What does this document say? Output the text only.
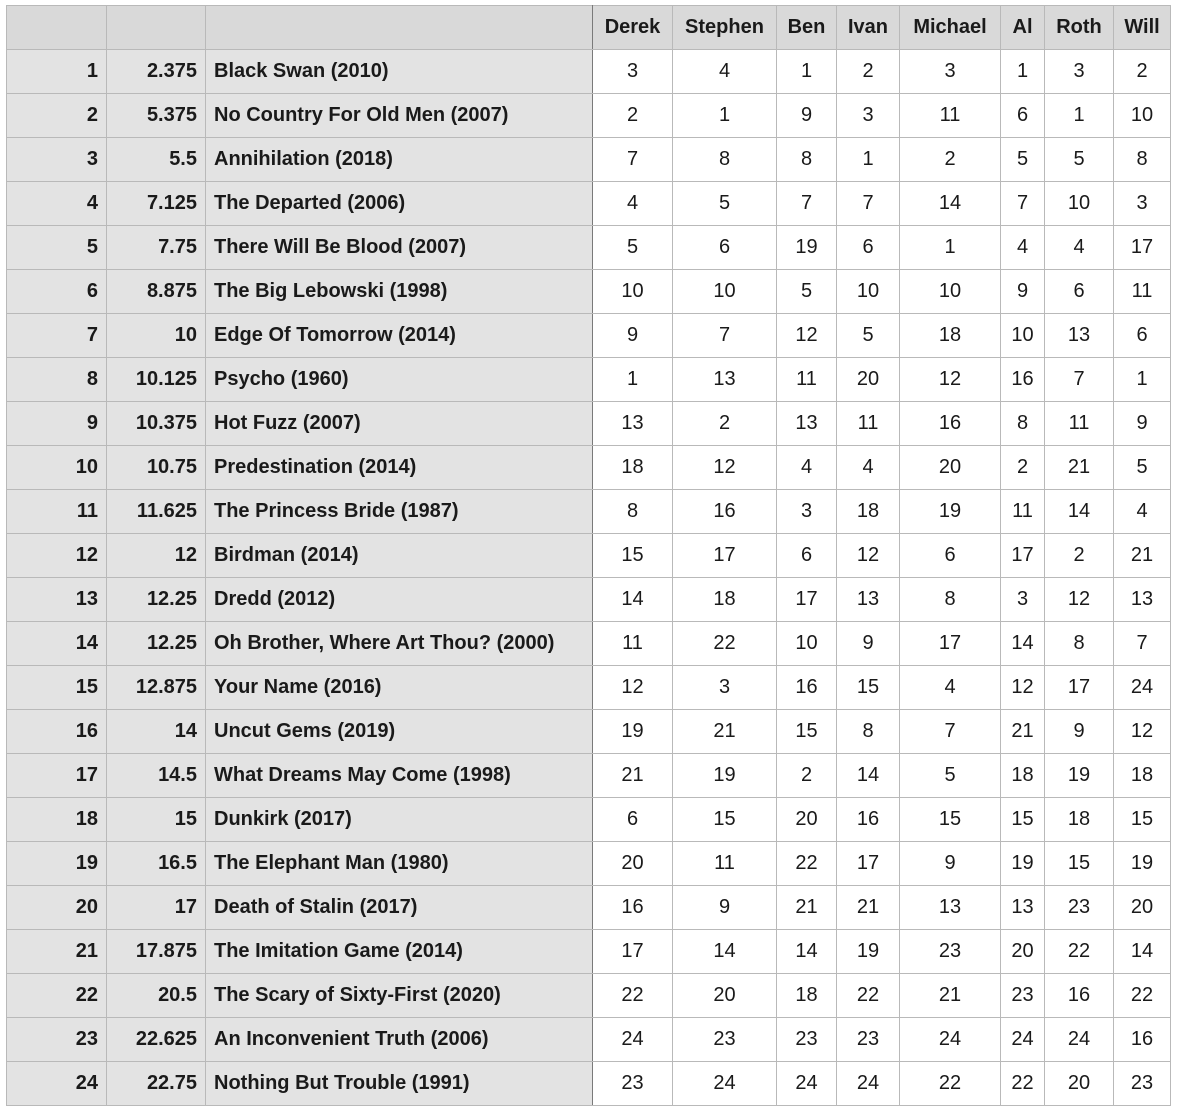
			Derek	Stephen	Ben	Ivan	Michael	Al	Roth	Will
1	2.375	Black Swan (2010)	3	4	1	2	3	1	3	2
2	5.375	No Country For Old Men (2007)	2	1	9	3	11	6	1	10
3	5.5	Annihilation (2018)	7	8	8	1	2	5	5	8
4	7.125	The Departed (2006)	4	5	7	7	14	7	10	3
5	7.75	There Will Be Blood (2007)	5	6	19	6	1	4	4	17
6	8.875	The Big Lebowski (1998)	10	10	5	10	10	9	6	11
7	10	Edge Of Tomorrow (2014)	9	7	12	5	18	10	13	6
8	10.125	Psycho (1960)	1	13	11	20	12	16	7	1
9	10.375	Hot Fuzz (2007)	13	2	13	11	16	8	11	9
10	10.75	Predestination (2014)	18	12	4	4	20	2	21	5
11	11.625	The Princess Bride (1987)	8	16	3	18	19	11	14	4
12	12	Birdman (2014)	15	17	6	12	6	17	2	21
13	12.25	Dredd (2012)	14	18	17	13	8	3	12	13
14	12.25	Oh Brother, Where Art Thou? (2000)	11	22	10	9	17	14	8	7
15	12.875	Your Name (2016)	12	3	16	15	4	12	17	24
16	14	Uncut Gems (2019)	19	21	15	8	7	21	9	12
17	14.5	What Dreams May Come (1998)	21	19	2	14	5	18	19	18
18	15	Dunkirk (2017)	6	15	20	16	15	15	18	15
19	16.5	The Elephant Man (1980)	20	11	22	17	9	19	15	19
20	17	Death of Stalin (2017)	16	9	21	21	13	13	23	20
21	17.875	The Imitation Game (2014)	17	14	14	19	23	20	22	14
22	20.5	The Scary of Sixty-First (2020)	22	20	18	22	21	23	16	22
23	22.625	An Inconvenient Truth (2006)	24	23	23	23	24	24	24	16
24	22.75	Nothing But Trouble (1991)	23	24	24	24	22	22	20	23
